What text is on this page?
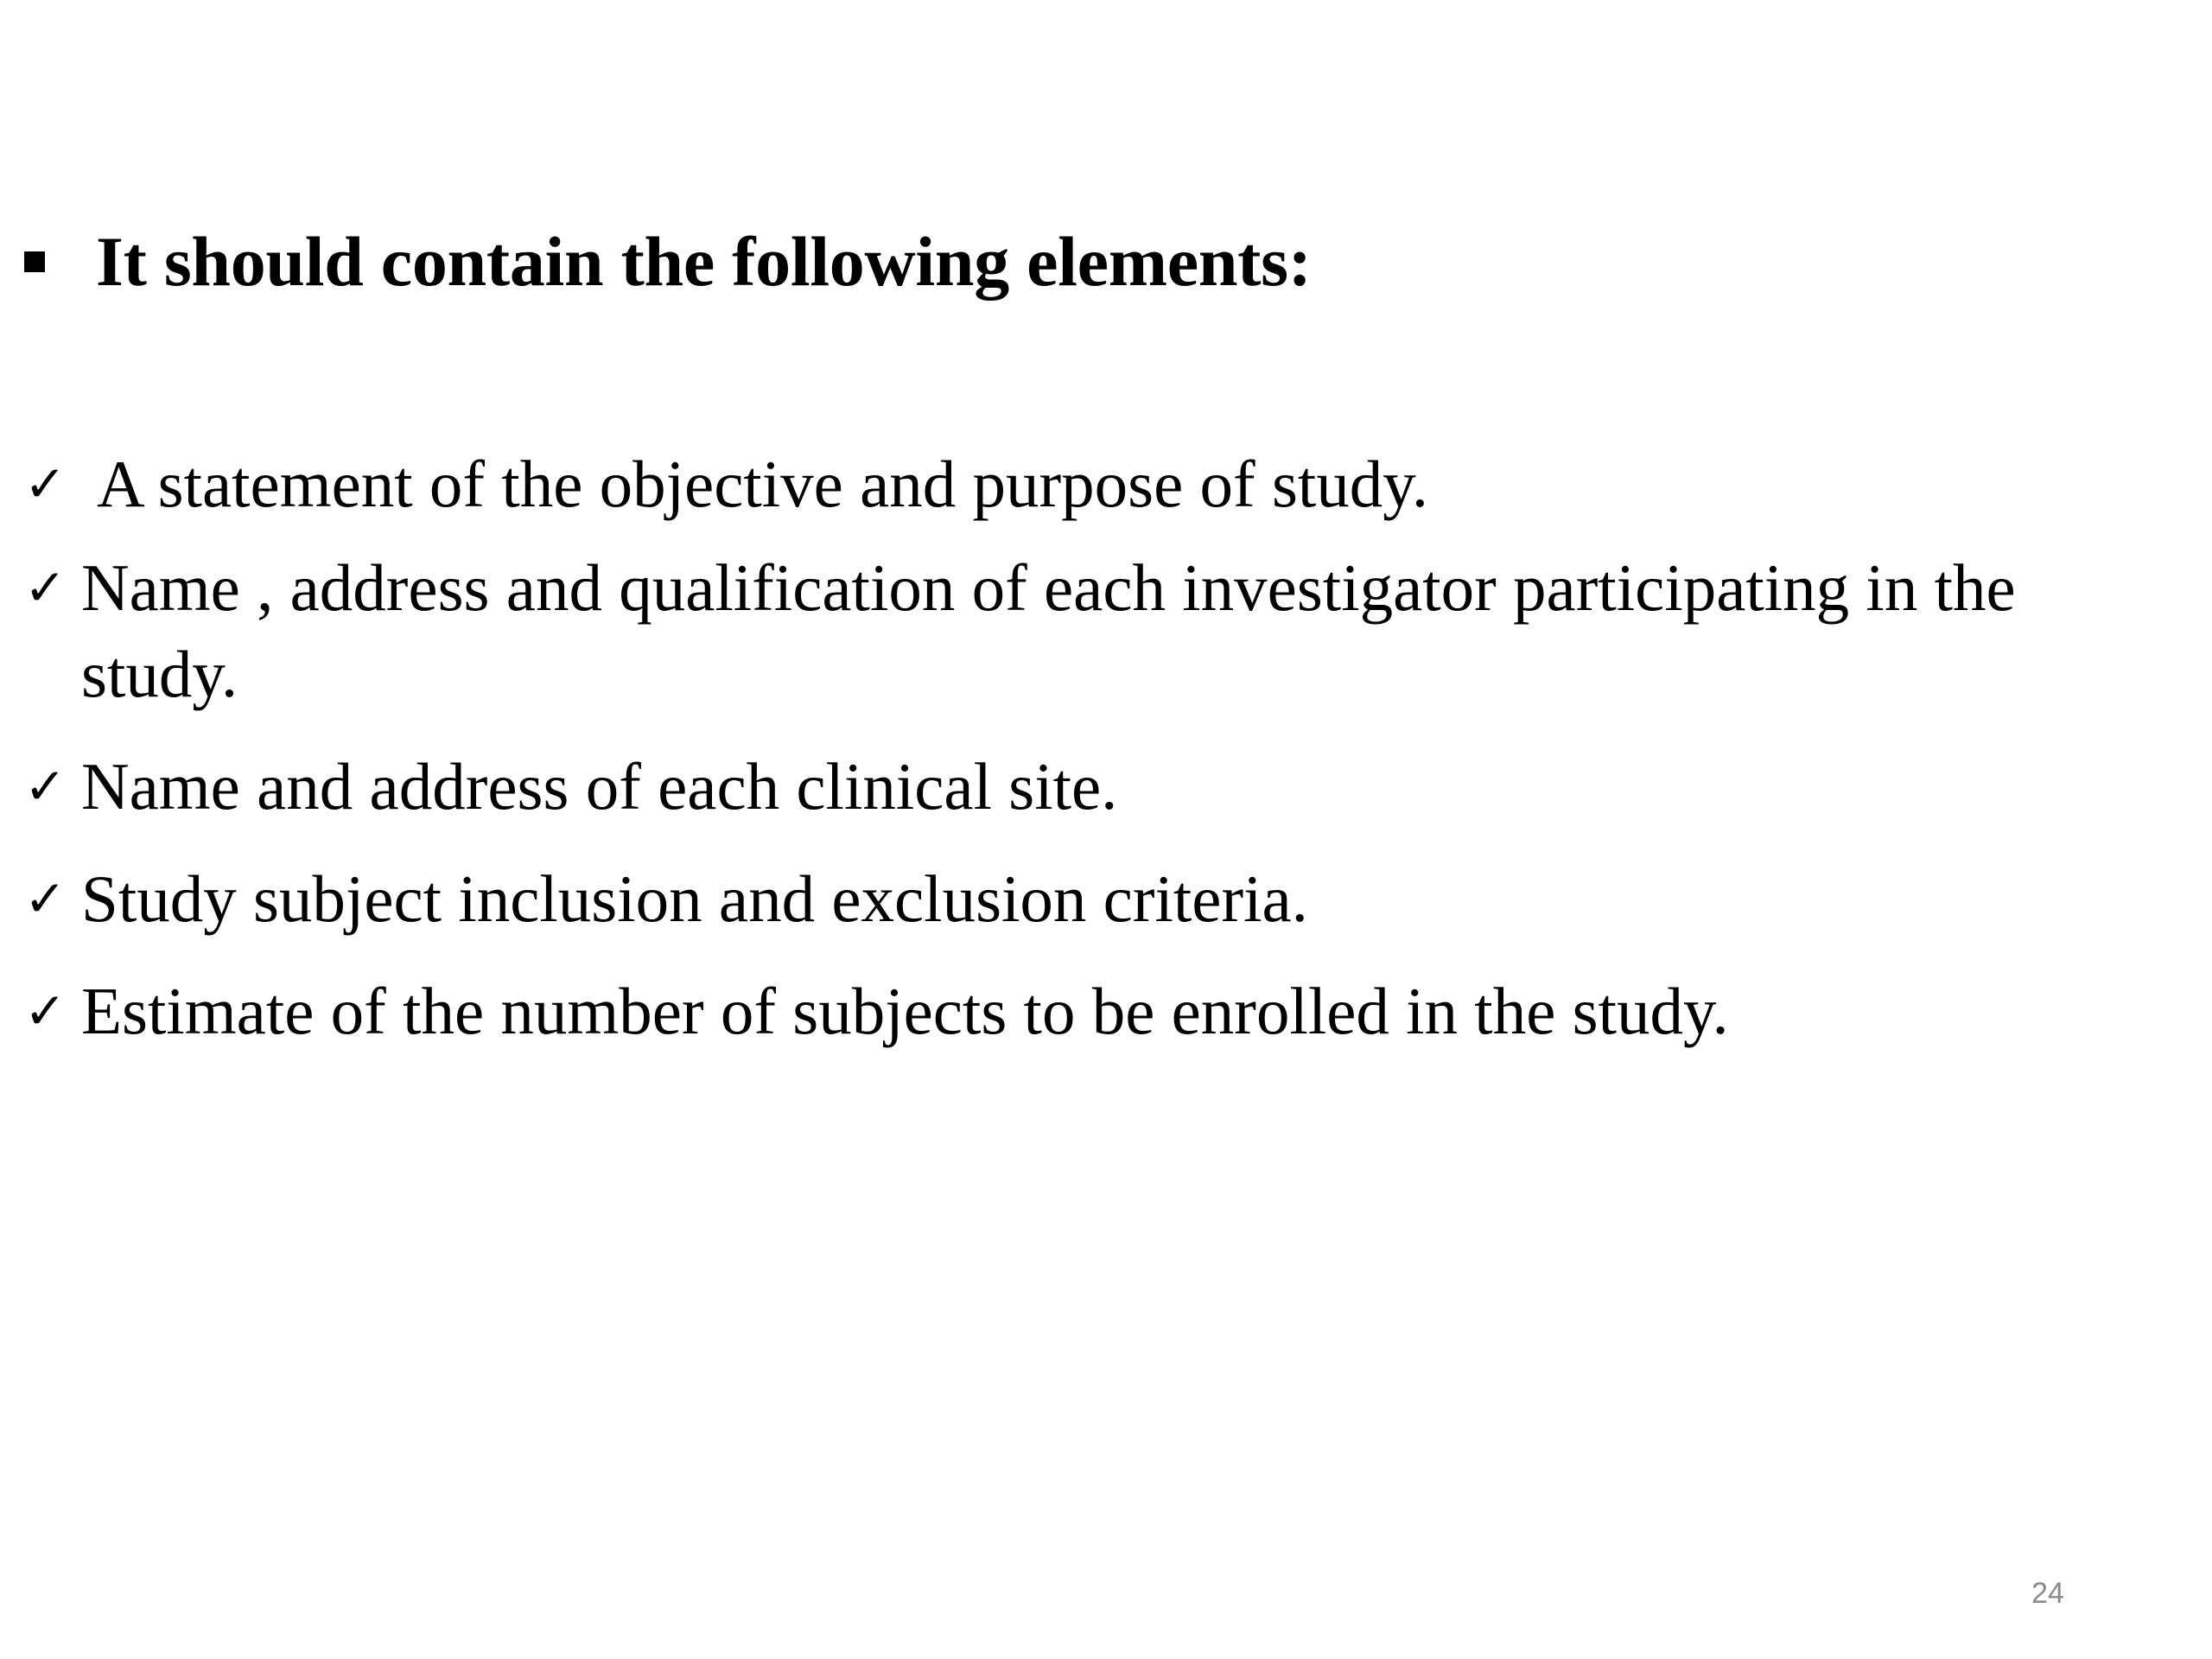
It should contain the following elements:
✓ A statement of the objective and purpose of study.
✓ Name , address and qualification of each investigator participating in the study.
✓ Name and address of each clinical site.
✓ Study subject inclusion and exclusion criteria.
✓ Estimate of the number of subjects to be enrolled in the study.
24
